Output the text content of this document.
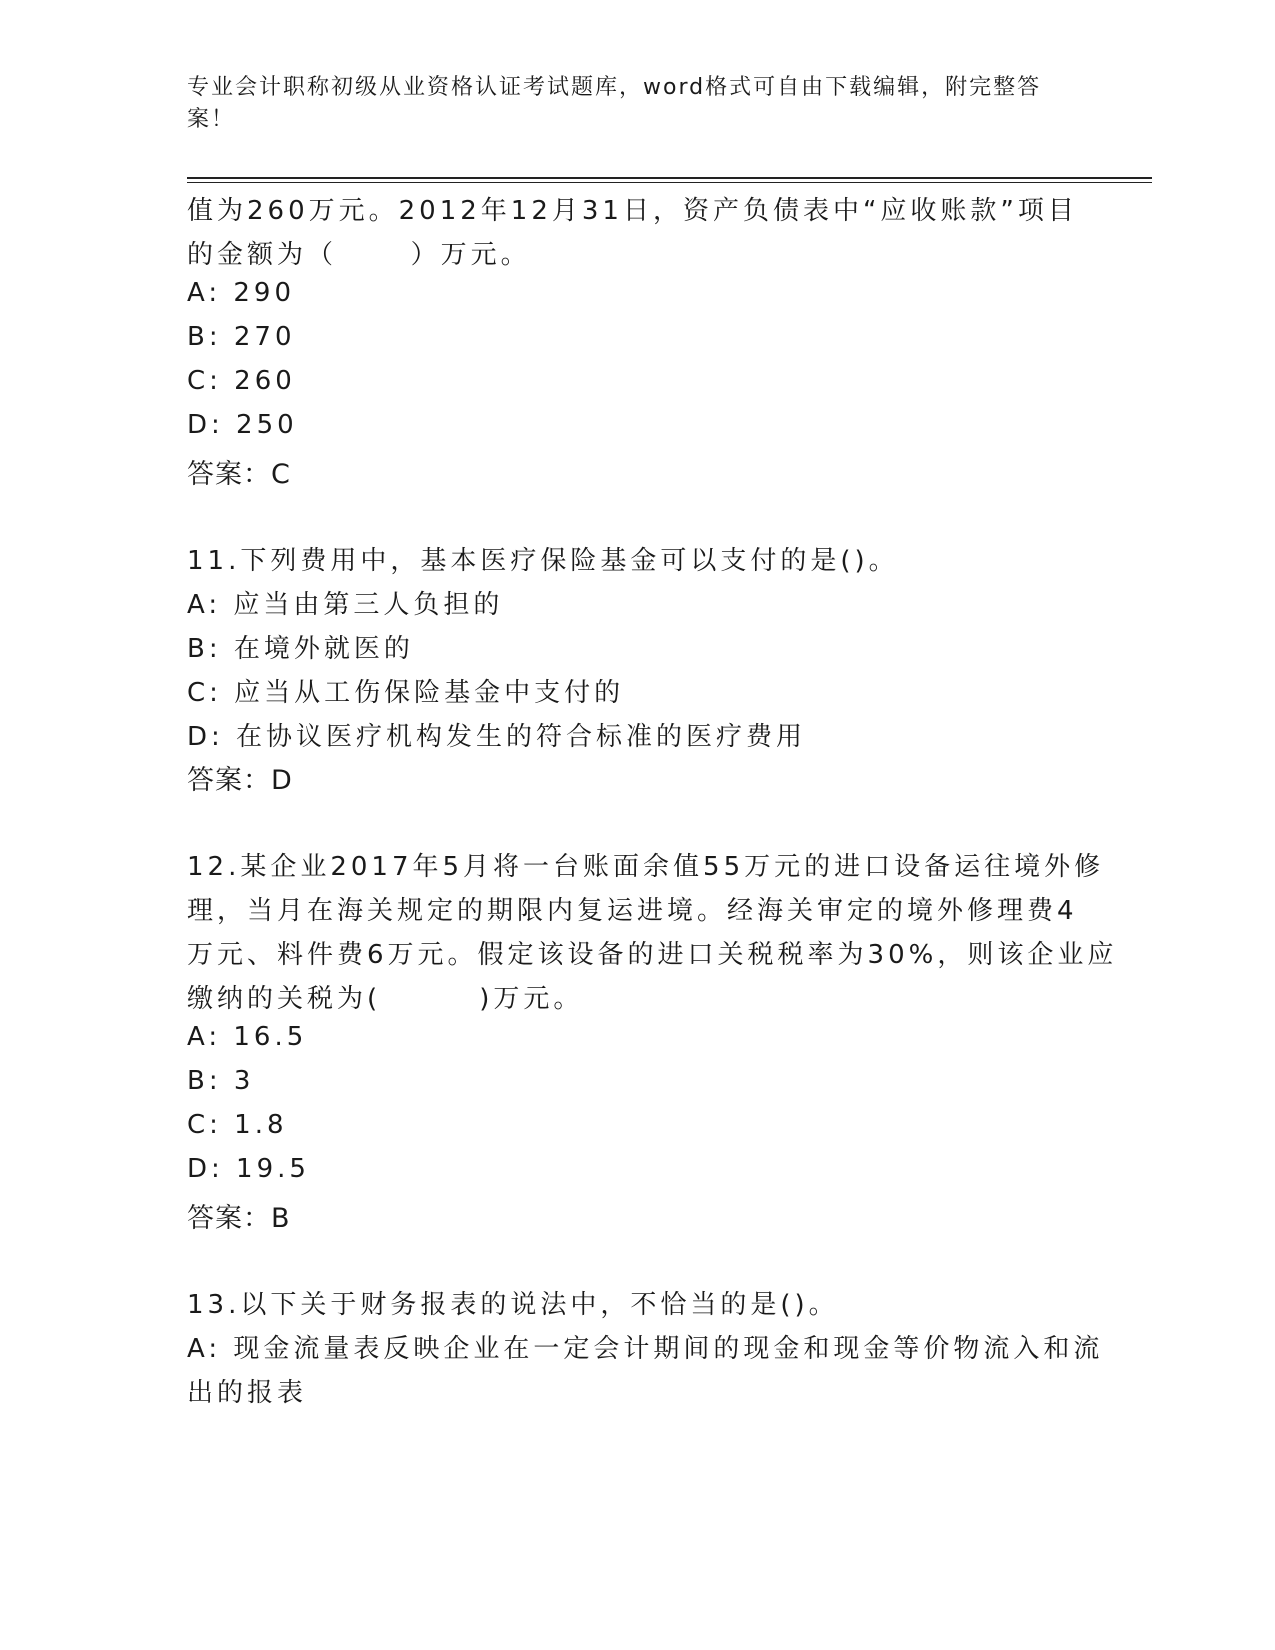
专业会计职称初级从业资格认证考试题库，word格式可自由下载编辑，附完整答案！
值为260万元。2012年12月31日，资产负债表中“应收账款”项目
的金额为（      ）万元。
A: 290
B: 270
C: 260
D: 250
答案：C
11.下列费用中，基本医疗保险基金可以支付的是()。
A: 应当由第三人负担的
B: 在境外就医的
C: 应当从工伤保险基金中支付的
D: 在协议医疗机构发生的符合标准的医疗费用
答案：D
12.某企业2017年5月将一台账面余值55万元的进口设备运往境外修
理，当月在海关规定的期限内复运进境。经海关审定的境外修理费4
万元、料件费6万元。假定该设备的进口关税税率为30%，则该企业应
缴纳的关税为(        )万元。
A: 16.5
B: 3
C: 1.8
D: 19.5
答案：B
13.以下关于财务报表的说法中，不恰当的是()。
A: 现金流量表反映企业在一定会计期间的现金和现金等价物流入和流
出的报表
